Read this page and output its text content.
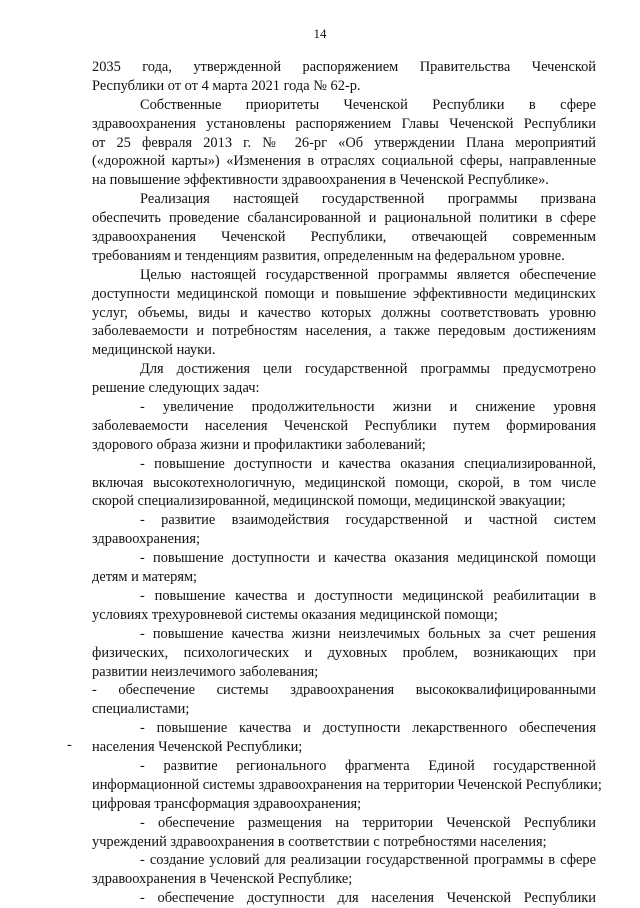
14
-
2035 года, утвержденной распоряжением Правительства Чеченской
Республики от от 4 марта 2021 года № 62-р.
Собственные приоритеты Чеченской Республики в сфере
здравоохранения установлены распоряжением Главы Чеченской Республики
от 25 февраля 2013 г. № 26-рг «Об утверждении Плана мероприятий
(«дорожной карты») «Изменения в отраслях социальной сферы, направленные
на повышение эффективности здравоохранения в Чеченской Республике».
Реализация настоящей государственной программы призвана
обеспечить проведение сбалансированной и рациональной политики в сфере
здравоохранения Чеченской Республики, отвечающей современным
требованиям и тенденциям развития, определенным на федеральном уровне.
Целью настоящей государственной программы является обеспечение
доступности медицинской помощи и повышение эффективности медицинских
услуг, объемы, виды и качество которых должны соответствовать уровню
заболеваемости и потребностям населения, а также передовым достижениям
медицинской науки.
Для достижения цели государственной программы предусмотрено
решение следующих задач:
- увеличение продолжительности жизни и снижение уровня
заболеваемости населения Чеченской Республики путем формирования
здорового образа жизни и профилактики заболеваний;
- повышение доступности и качества оказания специализированной,
включая высокотехнологичную, медицинской помощи, скорой, в том числе
скорой специализированной, медицинской помощи, медицинской эвакуации;
- развитие взаимодействия государственной и частной систем
здравоохранения;
- повышение доступности и качества оказания медицинской помощи
детям и матерям;
- повышение качества и доступности медицинской реабилитации в
условиях трехуровневой системы оказания медицинской помощи;
- повышение качества жизни неизлечимых больных за счет решения
физических, психологических и духовных проблем, возникающих при
развитии неизлечимого заболевания;
- обеспечение системы здравоохранения высококвалифицированными
специалистами;
- повышение качества и доступности лекарственного обеспечения
населения Чеченской Республики;
- развитие регионального фрагмента Единой государственной
информационной системы здравоохранения на территории Чеченской Республики;
цифровая трансформация здравоохранения;
- обеспечение размещения на территории Чеченской Республики
учреждений здравоохранения в соответствии с потребностями населения;
- создание условий для реализации государственной программы в сфере
здравоохранения в Чеченской Республике;
- обеспечение доступности для населения Чеченской Республики
